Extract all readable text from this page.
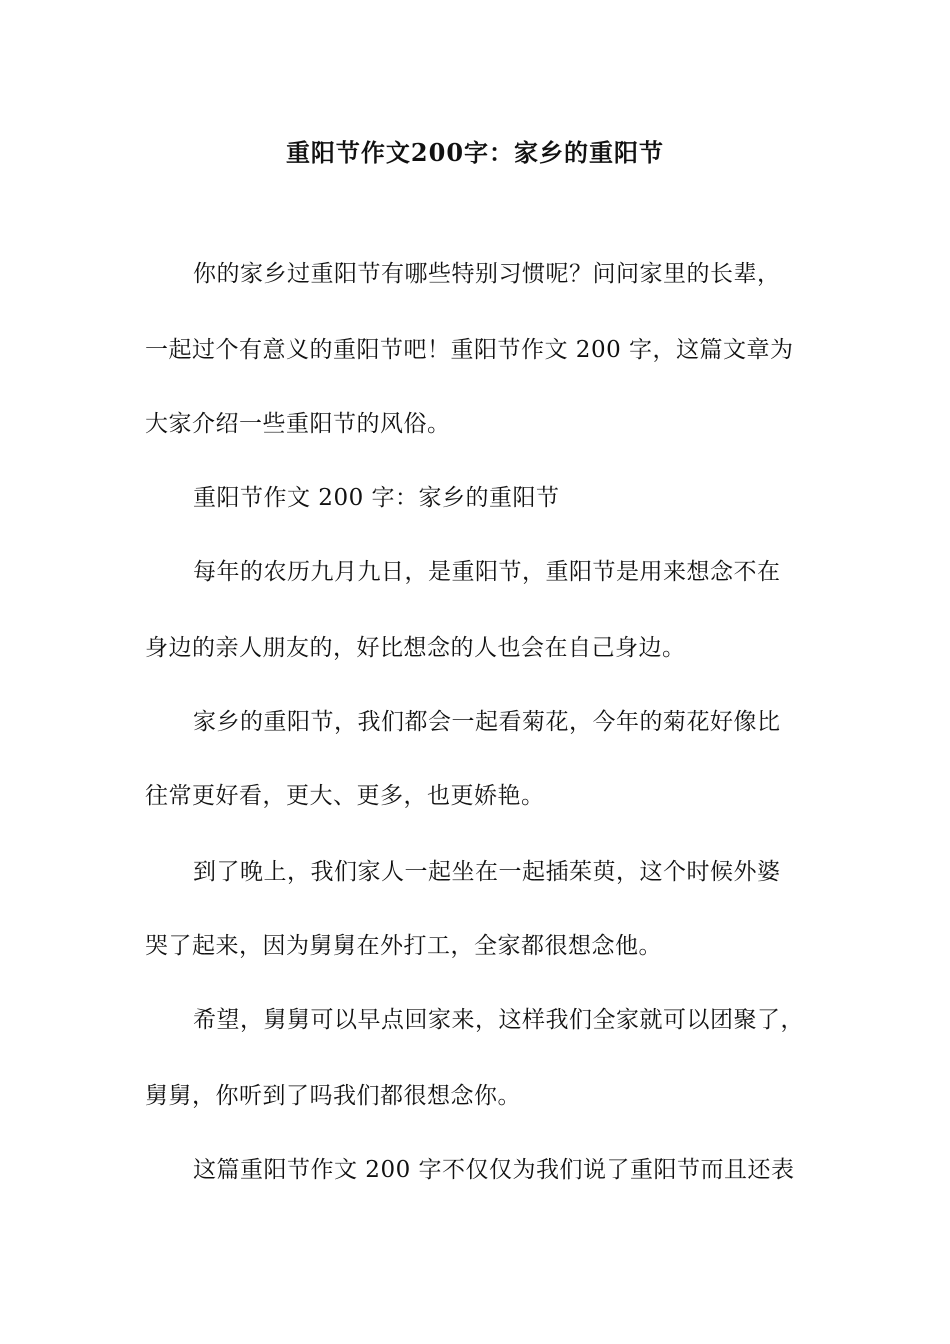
重阳节作文200字：家乡的重阳节

你的家乡过重阳节有哪些特别习惯呢？问问家里的长辈，

一起过个有意义的重阳节吧！重阳节作文 200 字，这篇文章为

大家介绍一些重阳节的风俗。

重阳节作文 200 字：家乡的重阳节

每年的农历九月九日，是重阳节，重阳节是用来想念不在

身边的亲人朋友的，好比想念的人也会在自己身边。

家乡的重阳节，我们都会一起看菊花，今年的菊花好像比

往常更好看，更大、更多，也更娇艳。

到了晚上，我们家人一起坐在一起插茱萸，这个时候外婆

哭了起来，因为舅舅在外打工，全家都很想念他。

希望，舅舅可以早点回家来，这样我们全家就可以团聚了，

舅舅，你听到了吗我们都很想念你。

这篇重阳节作文 200 字不仅仅为我们说了重阳节而且还表
